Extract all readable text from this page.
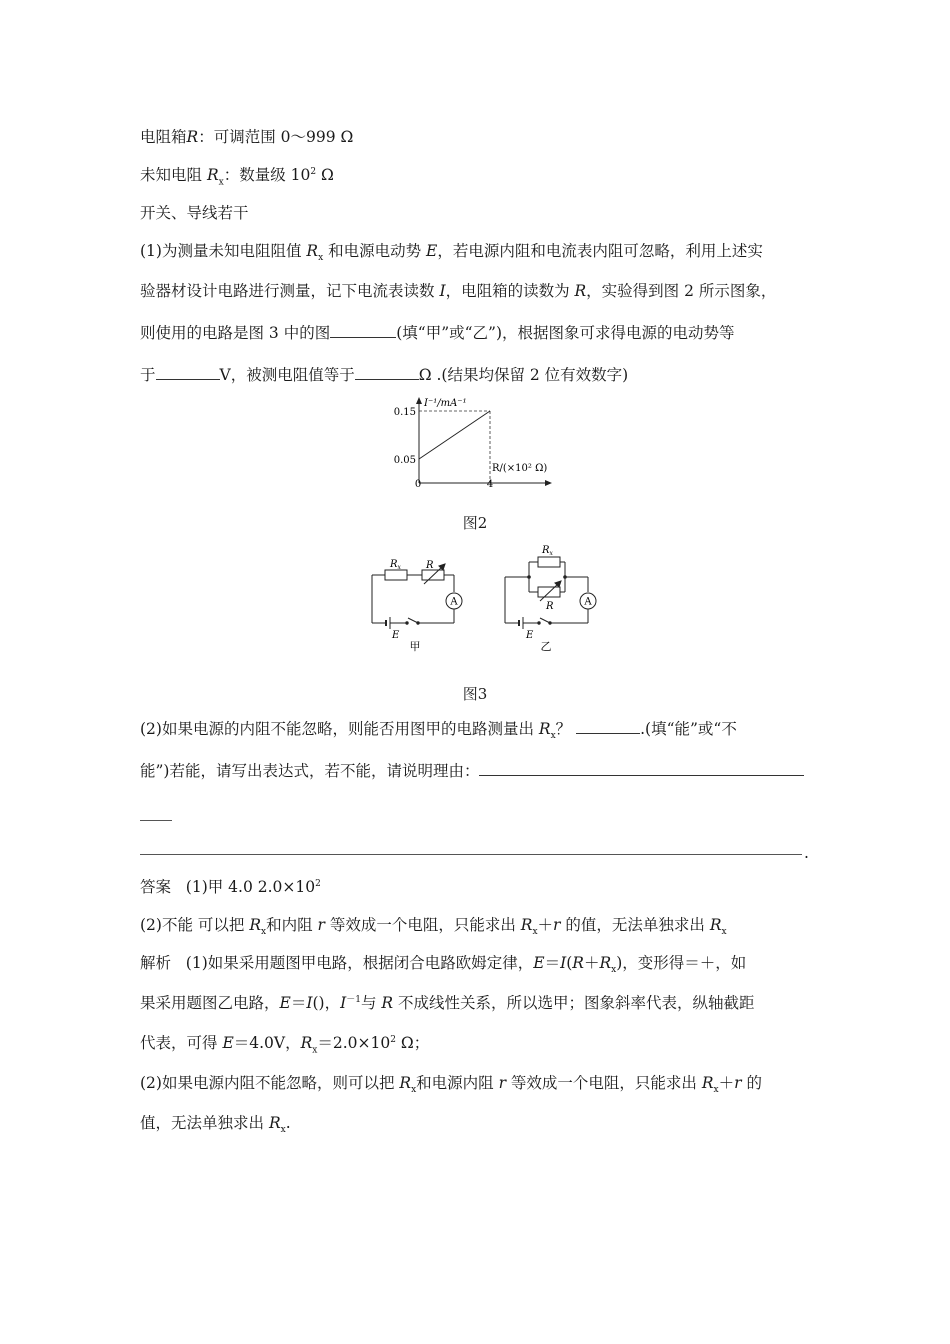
电阻箱R：可调范围 0～999 Ω
未知电阻 $R_x$：数量级 $10^2$ Ω
开关、导线若干
(1)为测量未知电阻阻值 $R_x$ 和电源电动势 E，若电源内阻和电流表内阻可忽略，利用上述实
验器材设计电路进行测量，记下电流表读数 I，电阻箱的读数为 R，实验得到图 2 所示图象，
则使用的电路是图 3 中的图	(填“甲”或“乙”)，根据图象可求得电源的电动势等
于	V，被测电阻值等于	Ω .(结果均保留 2 位有效数字)
I⁻¹/mA⁻¹
0.15
0.05
R/(×10² Ω)
0	4
图2
$R_x$	R
A
E
甲
$R_x$
R	A
E
乙
图3
(2)如果电源的内阻不能忽略，则能否用图甲的电路测量出 $R_x$？	.(填“能”或“不
能”)若能，请写出表达式，若不能，请说明理由：
.
答案 (1)甲 4.0 $2.0\times 10^2$
(2)不能 可以把 $R_x$和内阻 r 等效成一个电阻，只能求出 $R_x+r$ 的值，无法单独求出 $R_x$
解析 (1)如果采用题图甲电路，根据闭合电路欧姆定律，$E=I(R+R_x)$，变形得＝＋，如
果采用题图乙电路，E＝I()，$I^{-1}$与 R 不成线性关系，所以选甲；图象斜率代表，纵轴截距
代表，可得 E＝4.0V，$R_x=2.0\times 10^2$ Ω；
(2)如果电源内阻不能忽略，则可以把 $R_x$和电源内阻 r 等效成一个电阻，只能求出 $R_x+r$ 的
值，无法单独求出 $R_x$.
